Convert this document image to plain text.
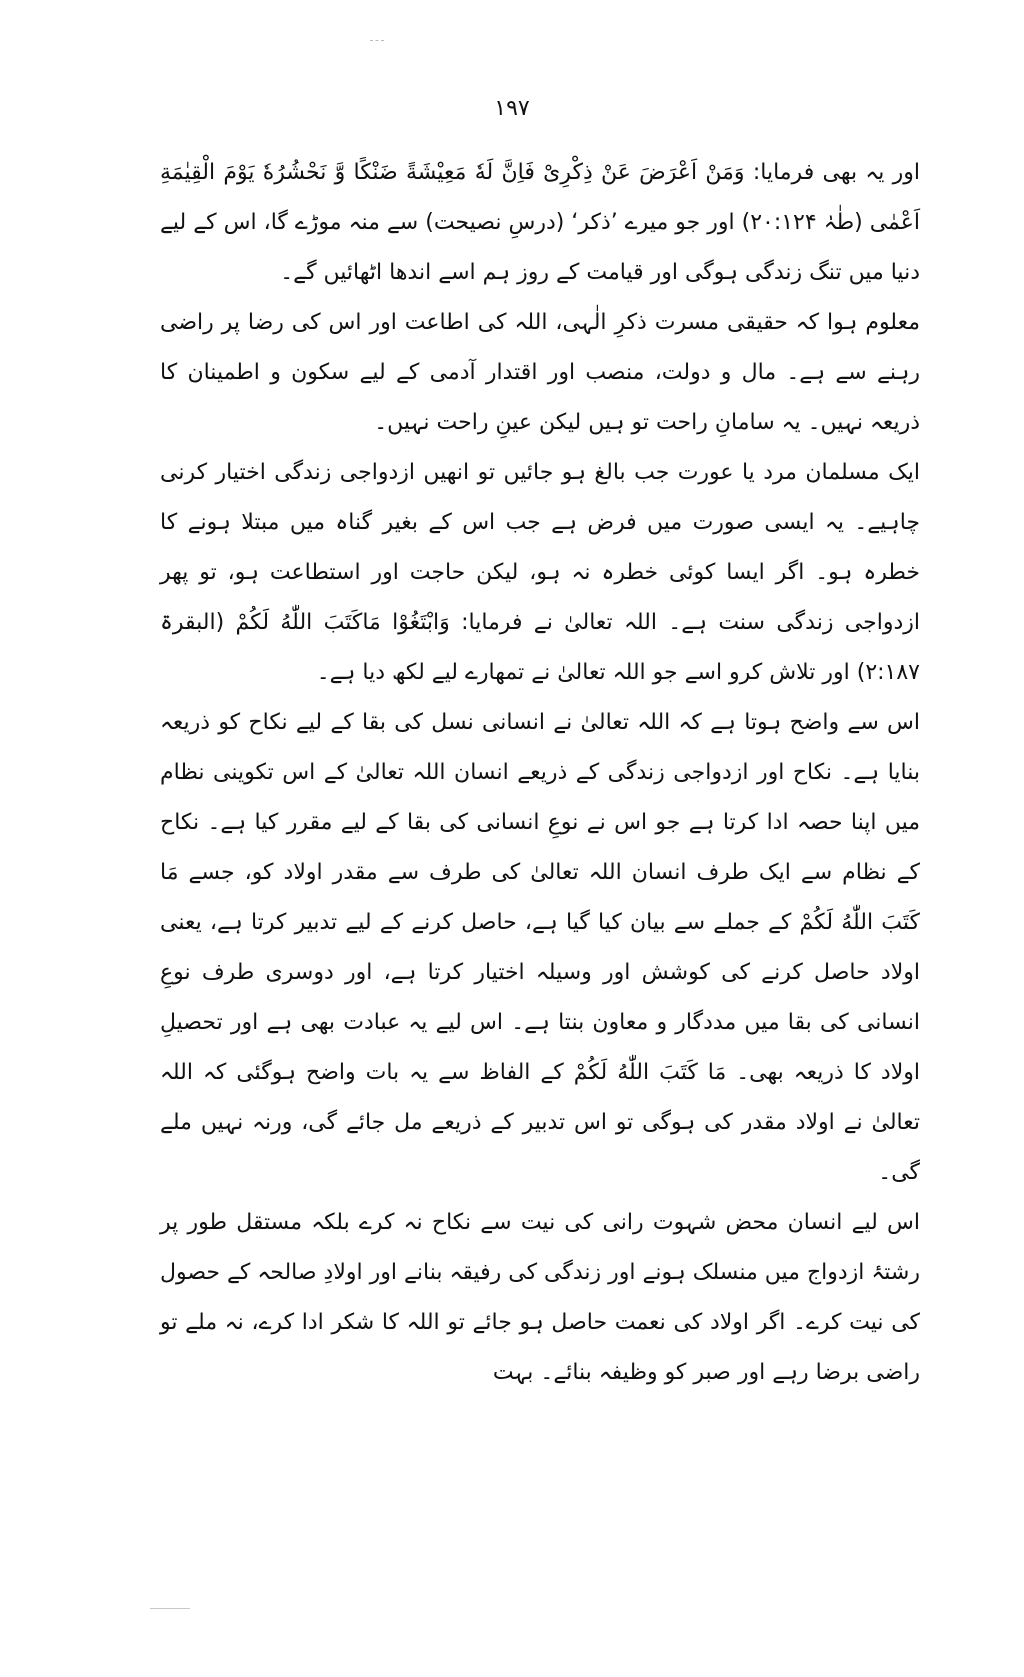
١٩٧

اور یہ بھی فرمایا: وَمَنْ اَعْرَضَ عَنْ ذِکْرِیْ فَاِنَّ لَهٗ مَعِیْشَةً ضَنْکًا وَّ نَحْشُرُهٗ یَوْمَ الْقِیٰمَةِ اَعْمٰی (طٰہٰ ۲۰:۱۲۴) اور جو میرے ’ذکر‘ (درسِ نصیحت) سے منہ موڑے گا، اس کے لیے دنیا میں تنگ زندگی ہوگی اور قیامت کے روز ہم اسے اندھا اٹھائیں گے۔

معلوم ہوا کہ حقیقی مسرت ذکرِ الٰہی، اللہ کی اطاعت اور اس کی رضا پر راضی رہنے سے ہے۔ مال و دولت، منصب اور اقتدار آدمی کے لیے سکون و اطمینان کا ذریعہ نہیں۔ یہ سامانِ راحت تو ہیں لیکن عینِ راحت نہیں۔

ایک مسلمان مرد یا عورت جب بالغ ہو جائیں تو انھیں ازدواجی زندگی اختیار کرنی چاہیے۔ یہ ایسی صورت میں فرض ہے جب اس کے بغیر گناہ میں مبتلا ہونے کا خطرہ ہو۔ اگر ایسا کوئی خطرہ نہ ہو، لیکن حاجت اور استطاعت ہو، تو پھر ازدواجی زندگی سنت ہے۔ اللہ تعالیٰ نے فرمایا: وَابْتَغُوْا مَاکَتَبَ اللّٰهُ لَکُمْ (البقرۃ ۲:۱۸۷) اور تلاش کرو اسے جو اللہ تعالیٰ نے تمھارے لیے لکھ دیا ہے۔

اس سے واضح ہوتا ہے کہ اللہ تعالیٰ نے انسانی نسل کی بقا کے لیے نکاح کو ذریعہ بنایا ہے۔ نکاح اور ازدواجی زندگی کے ذریعے انسان اللہ تعالیٰ کے اس تکوینی نظام میں اپنا حصہ ادا کرتا ہے جو اس نے نوعِ انسانی کی بقا کے لیے مقرر کیا ہے۔ نکاح کے نظام سے ایک طرف انسان اللہ تعالیٰ کی طرف سے مقدر اولاد کو، جسے مَا کَتَبَ اللّٰهُ لَکُمْ کے جملے سے بیان کیا گیا ہے، حاصل کرنے کے لیے تدبیر کرتا ہے، یعنی اولاد حاصل کرنے کی کوشش اور وسیلہ اختیار کرتا ہے، اور دوسری طرف نوعِ انسانی کی بقا میں مددگار و معاون بنتا ہے۔ اس لیے یہ عبادت بھی ہے اور تحصیلِ اولاد کا ذریعہ بھی۔ مَا کَتَبَ اللّٰهُ لَکُمْ کے الفاظ سے یہ بات واضح ہوگئی کہ اللہ تعالیٰ نے اولاد مقدر کی ہوگی تو اس تدبیر کے ذریعے مل جائے گی، ورنہ نہیں ملے گی۔

اس لیے انسان محض شہوت رانی کی نیت سے نکاح نہ کرے بلکہ مستقل طور پر رشتۂ ازدواج میں منسلک ہونے اور زندگی کی رفیقہ بنانے اور اولادِ صالحہ کے حصول کی نیت کرے۔ اگر اولاد کی نعمت حاصل ہو جائے تو اللہ کا شکر ادا کرے، نہ ملے تو راضی برضا رہے اور صبر کو وظیفہ بنائے۔ بہت
